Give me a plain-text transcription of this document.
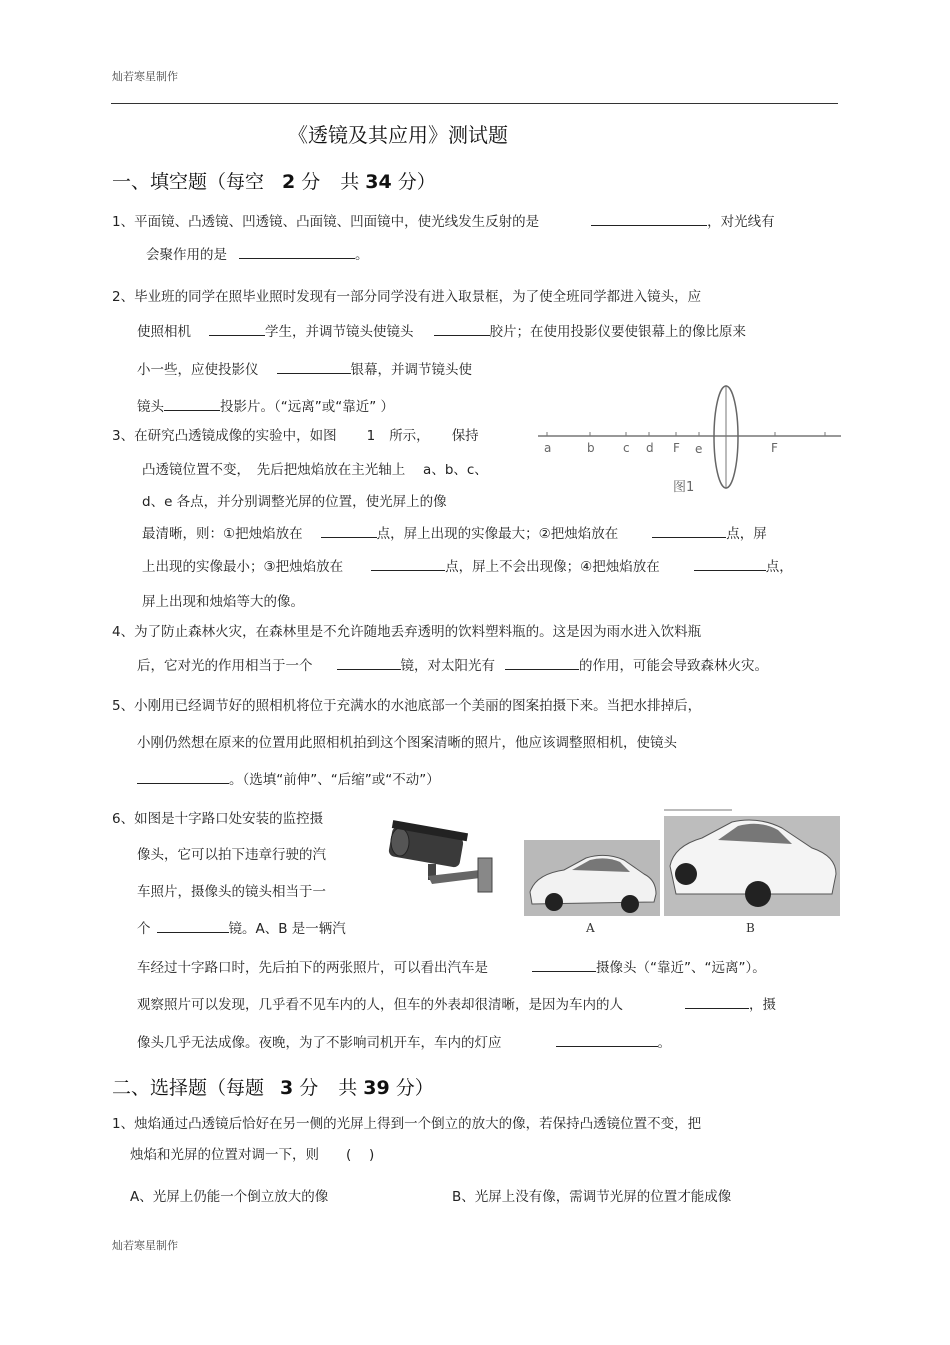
灿若寒星制作
《透镜及其应用》测试题
一、填空题（每空 2 分 共 34 分）
1、平面镜、凸透镜、凹透镜、凸面镜、凹面镜中，使光线发生反射的是	，对光线有
会聚作用的是	。
2、毕业班的同学在照毕业照时发现有一部分同学没有进入取景框，为了使全班同学都进入镜头，应
使照相机	学生，并调节镜头使镜头	胶片；在使用投影仪要使银幕上的像比原来
小一些，应使投影仪	银幕，并调节镜头使
镜头	投影片。（“远离”或“靠近” ）
3、在研究凸透镜成像的实验中，如图 1 所示， 保持
凸透镜位置不变，　先后把烛焰放在主光轴上　 a、b、c、
d、e 各点，并分别调整光屏的位置，使光屏上的像
最清晰，则：①把烛焰放在	点，屏上出现的实像最大；②把烛焰放在	点，屏
上出现的实像最小；③把烛焰放在	点，屏上不会出现像；④把烛焰放在	点，
屏上出现和烛焰等大的像。
a	b c d F e	F
图1
4、为了防止森林火灾，在森林里是不允许随地丢弃透明的饮料塑料瓶的。这是因为雨水进入饮料瓶
后，它对光的作用相当于一个	镜，对太阳光有	的作用，可能会导致森林火灾。
5、小刚用已经调节好的照相机将位于充满水的水池底部一个美丽的图案拍摄下来。当把水排掉后，
小刚仍然想在原来的位置用此照相机拍到这个图案清晰的照片，他应该调整照相机，使镜头
。（选填“前伸”、“后缩”或“不动”）
6、如图是十字路口处安装的监控摄
像头，它可以拍下违章行驶的汽
车照片，摄像头的镜头相当于一
个	镜。A、B 是一辆汽
车经过十字路口时，先后拍下的两张照片，可以看出汽车是	摄像头（“靠近”、“远离”）。
观察照片可以发现，几乎看不见车内的人，但车的外表却很清晰，是因为车内的人	，摄
像头几乎无法成像。夜晚，为了不影响司机开车，车内的灯应	。
A	B
二、选择题（每题 3 分 共 39 分）
1、烛焰通过凸透镜后恰好在另一侧的光屏上得到一个倒立的放大的像，若保持凸透镜位置不变，把
烛焰和光屏的位置对调一下，则　　(　 )
A、光屏上仍能一个倒立放大的像	B、光屏上没有像，需调节光屏的位置才能成像
灿若寒星制作
